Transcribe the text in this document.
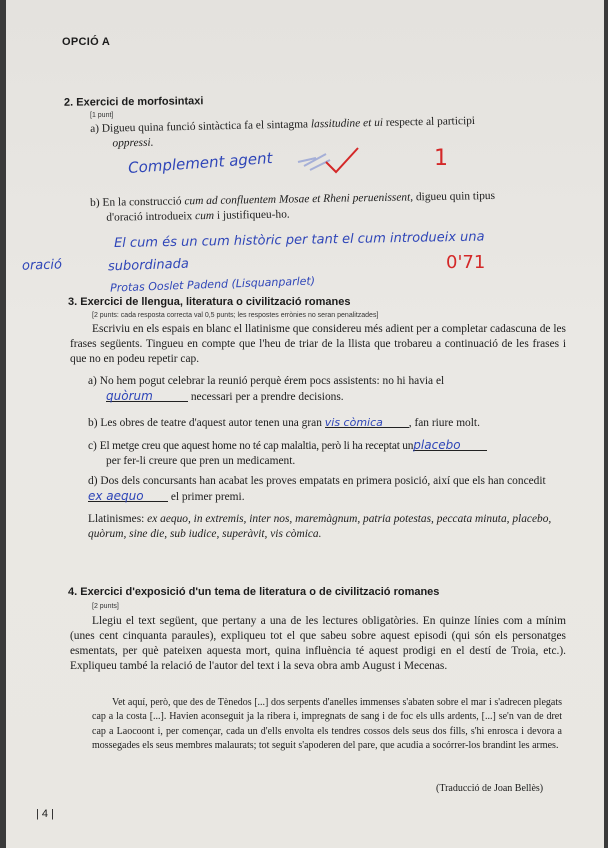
OPCIÓ A
2. Exercici de morfosintaxi
[1 punt]
a) Digueu quina funció sintàctica fa el sintagma lassitudine et ui respecte al participi
oppressi.
Complement agent	1
b) En la construcció cum ad confluentem Mosae et Rheni peruenissent, digueu quin tipus
d'oració introdueix cum i justifiqueu-ho.
El cum és un cum històric per tant el cum introdueix una
oració	subordinada	0'71
Protas Ooslet Padend (Lisquanparlet)
3. Exercici de llengua, literatura o civilització romanes
[2 punts: cada resposta correcta val 0,5 punts; les respostes errònies no seran penalitzades]
Escriviu en els espais en blanc el llatinisme que considereu més adient per a completar cadascuna de les frases següents. Tingueu en compte que l'heu de triar de la llista que trobareu a continuació de les frases i que no en podeu repetir cap.
a) No hem pogut celebrar la reunió perquè érem pocs assistents: no hi havia el
quòrum	necessari per a prendre decisions.
b) Les obres de teatre d'aquest autor tenen una gran vis còmica , fan riure molt.
c) El metge creu que aquest home no té cap malaltia, però li ha receptat unplacebo
per fer-li creure que pren un medicament.
d) Dos dels concursants han acabat les proves empatats en primera posició, així que els han concedit ex aequo el primer premi.
Llatinismes: ex aequo, in extremis, inter nos, maremàgnum, patria potestas, peccata minuta, placebo, quòrum, sine die, sub iudice, superàvit, vis còmica.
4. Exercici d'exposició d'un tema de literatura o de civilització romanes
[2 punts]
Llegiu el text següent, que pertany a una de les lectures obligatòries. En quinze línies com a mínim (unes cent cinquanta paraules), expliqueu tot el que sabeu sobre aquest episodi (qui són els personatges esmentats, per què pateixen aquesta mort, quina influència té aquest prodigi en el destí de Troia, etc.). Expliqueu també la relació de l'autor del text i la seva obra amb August i Mecenas.
Vet aquí, però, que des de Tènedos [...] dos serpents d'anelles immenses s'abaten sobre el mar i s'adrecen plegats cap a la costa [...]. Havien aconseguit ja la ribera i, impregnats de sang i de foc els ulls ardents, [...] se'n van de dret cap a Laocoont i, per començar, cada un d'ells envolta els tendres cossos dels seus dos fills, s'hi enrosca i devora a mossegades els seus membres malaurats; tot seguit s'apoderen del pare, que acudia a socórrer-los brandint les armes.
(Traducció de Joan Bellès)
| 4 |
